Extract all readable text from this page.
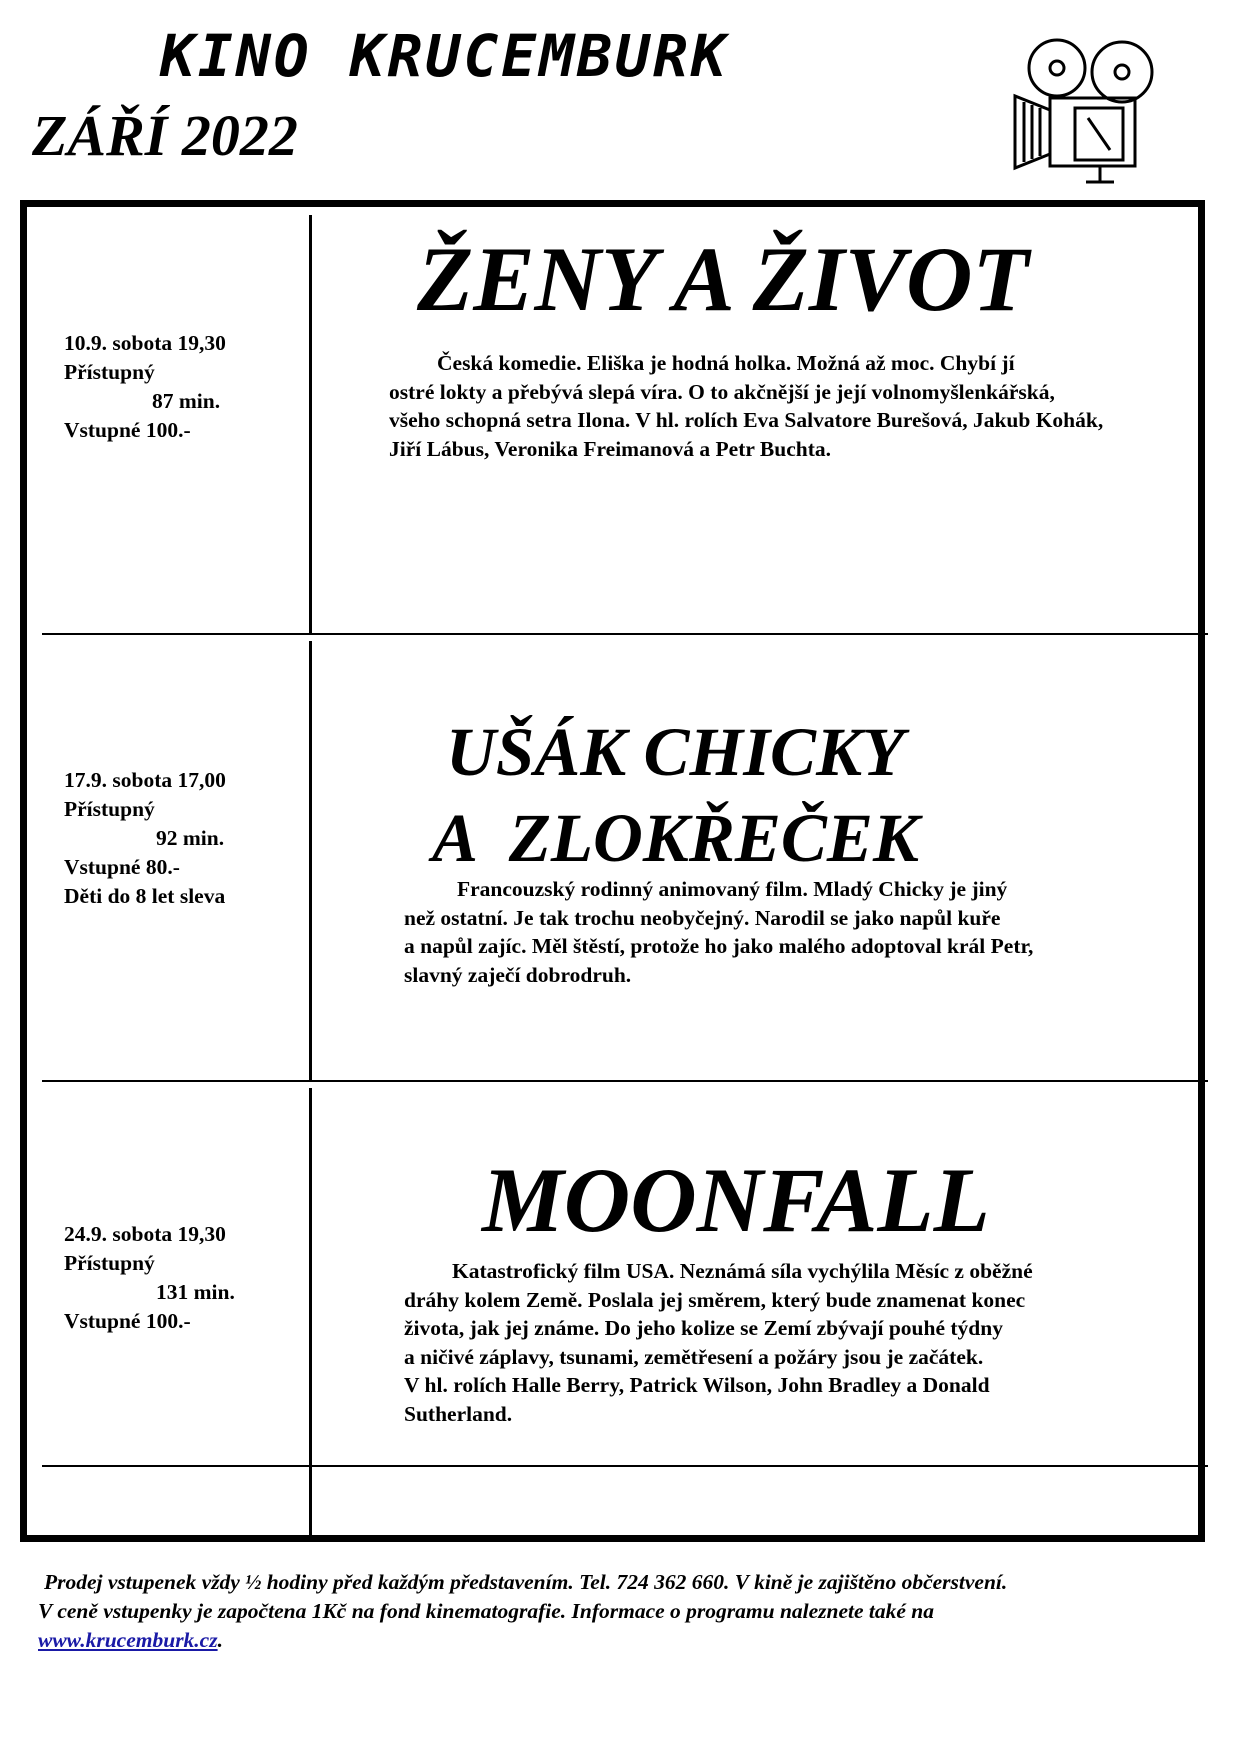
KINO KRUCEMBURK
ZÁŘÍ 2022
10.9. sobota 19,30
Přístupný
87 min.
Vstupné 100.-
ŽENY A ŽIVOT
Česká komedie. Eliška je hodná holka. Možná až moc. Chybí jí
ostré lokty a přebývá slepá víra. O to akčnější je její volnomyšlenkářská,
všeho schopná setra Ilona. V hl. rolích Eva Salvatore Burešová, Jakub Kohák,
Jiří Lábus, Veronika Freimanová a Petr Buchta.
17.9. sobota 17,00
Přístupný
92 min.
Vstupné 80.-
Děti do 8 let sleva
UŠÁK CHICKY
A  ZLOKŘEČEK
Francouzský rodinný animovaný film. Mladý Chicky je jiný
než ostatní. Je tak trochu neobyčejný. Narodil se jako napůl kuře
a napůl zajíc. Měl štěstí, protože ho jako malého adoptoval král Petr,
slavný zaječí dobrodruh.
24.9. sobota 19,30
Přístupný
131 min.
Vstupné 100.-
MOONFALL
Katastrofický film USA. Neznámá síla vychýlila Měsíc z oběžné
dráhy kolem Země. Poslala jej směrem, který bude znamenat konec
života, jak jej známe. Do jeho kolize se Zemí zbývají pouhé týdny
a ničivé záplavy, tsunami, zemětřesení a požáry jsou je začátek.
V hl. rolích Halle Berry, Patrick Wilson, John Bradley a Donald
Sutherland.
Prodej vstupenek vždy ½ hodiny před každým představením. Tel. 724 362 660. V kině je zajištěno občerstvení.
V ceně vstupenky je započtena 1Kč na fond kinematografie. Informace o programu naleznete také na
www.krucemburk.cz.
